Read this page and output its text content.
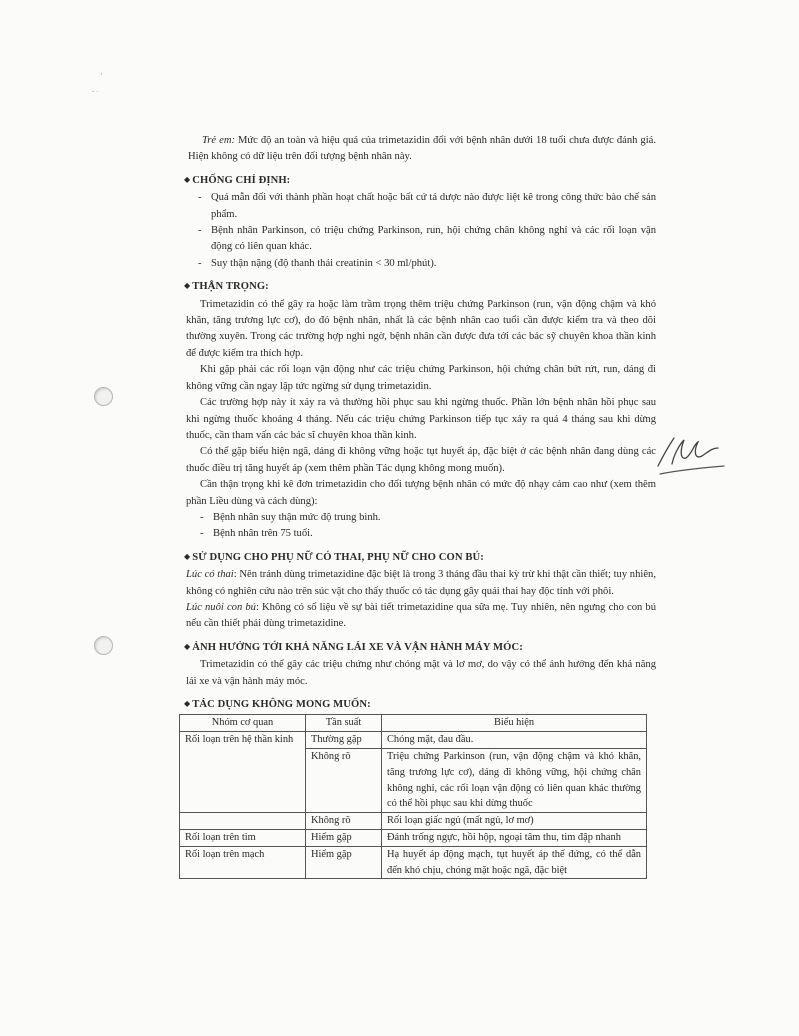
·
ˇ ˋ

Trẻ em: Mức độ an toàn và hiệu quả của trimetazidin đối với bệnh nhân dưới 18 tuổi chưa được đánh giá. Hiện không có dữ liệu trên đối tượng bệnh nhân này.

◆ CHỐNG CHỈ ĐỊNH:
- Quá mẫn đối với thành phần hoạt chất hoặc bất cứ tá dược nào được liệt kê trong công thức bào chế sản phẩm.
- Bệnh nhân Parkinson, có triệu chứng Parkinson, run, hội chứng chân không nghỉ và các rối loạn vận động có liên quan khác.
- Suy thận nặng (độ thanh thải creatinin < 30 ml/phút).
◆ THẬN TRỌNG:

Trimetazidin có thể gây ra hoặc làm trầm trọng thêm triệu chứng Parkinson (run, vận động chậm và khó khăn, tăng trương lực cơ), do đó bệnh nhân, nhất là các bệnh nhân cao tuổi cần được kiểm tra và theo dõi thường xuyên. Trong các trường hợp nghi ngờ, bệnh nhân cần được đưa tới các bác sỹ chuyên khoa thần kinh để được kiểm tra thích hợp.

Khi gặp phải các rối loạn vận động như các triệu chứng Parkinson, hội chứng chân bứt rứt, run, dáng đi không vững cần ngay lập tức ngừng sử dụng trimetazidin.

Các trường hợp này ít xảy ra và thường hồi phục sau khi ngừng thuốc. Phần lớn bệnh nhân hồi phục sau khi ngừng thuốc khoảng 4 tháng. Nếu các triệu chứng Parkinson tiếp tục xảy ra quá 4 tháng sau khi dừng thuốc, cần tham vấn các bác sĩ chuyên khoa thần kinh.

Có thể gặp biểu hiện ngã, dáng đi không vững hoặc tụt huyết áp, đặc biệt ở các bệnh nhân đang dùng các thuốc điều trị tăng huyết áp (xem thêm phần Tác dụng không mong muốn).

Cần thận trọng khi kê đơn trimetazidin cho đối tượng bệnh nhân có mức độ nhạy cảm cao như (xem thêm phần Liều dùng và cách dùng):

- Bệnh nhân suy thận mức độ trung bình.
- Bệnh nhân trên 75 tuổi.
◆ SỬ DỤNG CHO PHỤ NỮ CÓ THAI, PHỤ NỮ CHO CON BÚ:

Lúc có thai: Nên tránh dùng trimetazidine đặc biệt là trong 3 tháng đầu thai kỳ trừ khi thật cần thiết; tuy nhiên, không có nghiên cứu nào trên súc vật cho thấy thuốc có tác dụng gây quái thai hay độc tính với phôi.

Lúc nuôi con bú: Không có số liệu về sự bài tiết trimetazidine qua sữa mẹ. Tuy nhiên, nên ngưng cho con bú nếu cần thiết phải dùng trimetazidine.

◆ ẢNH HƯỞNG TỚI KHẢ NĂNG LÁI XE VÀ VẬN HÀNH MÁY MÓC:

Trimetazidin có thể gây các triệu chứng như chóng mặt và lơ mơ, do vậy có thể ảnh hưởng đến khả năng lái xe và vận hành máy móc.

◆ TÁC DỤNG KHÔNG MONG MUỐN:
Nhóm cơ quan	Tần suất	Biểu hiện
Rối loạn trên hệ thần kinh	Thường gặp	Chóng mặt, đau đầu.
	Không rõ	Triệu chứng Parkinson (run, vận động chậm và khó khăn, tăng trương lực cơ), dáng đi không vững, hội chứng chân không nghỉ, các rối loạn vận động có liên quan khác thường có thể hồi phục sau khi dừng thuốc
	Không rõ	Rối loạn giấc ngủ (mất ngủ, lơ mơ)
Rối loạn trên tim	Hiếm gặp	Đánh trống ngực, hồi hộp, ngoại tâm thu, tim đập nhanh
Rối loạn trên mạch	Hiếm gặp	Hạ huyết áp động mạch, tụt huyết áp thế đứng, có thể dẫn đến khó chịu, chóng mặt hoặc ngã, đặc biệt
